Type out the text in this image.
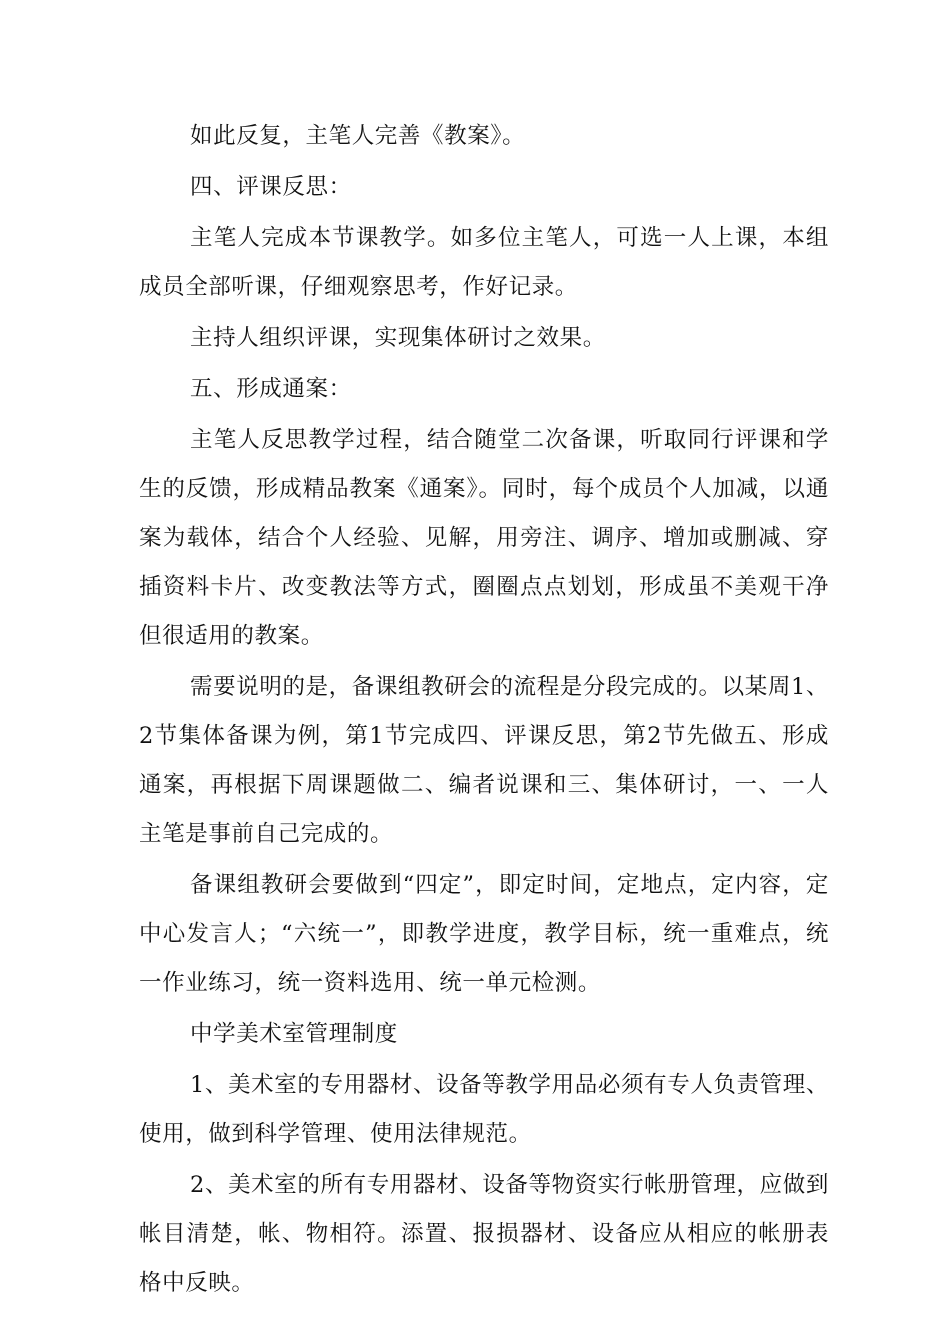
如此反复，主笔人完善《教案》。

四、评课反思：

主笔人完成本节课教学。如多位主笔人，可选一人上课，本组成员全部听课，仔细观察思考，作好记录。

主持人组织评课，实现集体研讨之效果。

五、形成通案：

主笔人反思教学过程，结合随堂二次备课，听取同行评课和学生的反馈，形成精品教案《通案》。同时，每个成员个人加减，以通案为载体，结合个人经验、见解，用旁注、调序、增加或删减、穿插资料卡片、改变教法等方式，圈圈点点划划，形成虽不美观干净但很适用的教案。

需要说明的是，备课组教研会的流程是分段完成的。以某周1、2节集体备课为例，第1节完成四、评课反思，第2节先做五、形成通案，再根据下周课题做二、编者说课和三、集体研讨，一、一人主笔是事前自己完成的。

备课组教研会要做到“四定”，即定时间，定地点，定内容，定中心发言人；“六统一”，即教学进度，教学目标，统一重难点，统一作业练习，统一资料选用、统一单元检测。

中学美术室管理制度

1、美术室的专用器材、设备等教学用品必须有专人负责管理、使用，做到科学管理、使用法律规范。

2、美术室的所有专用器材、设备等物资实行帐册管理，应做到帐目清楚，帐、物相符。添置、报损器材、设备应从相应的帐册表格中反映。
